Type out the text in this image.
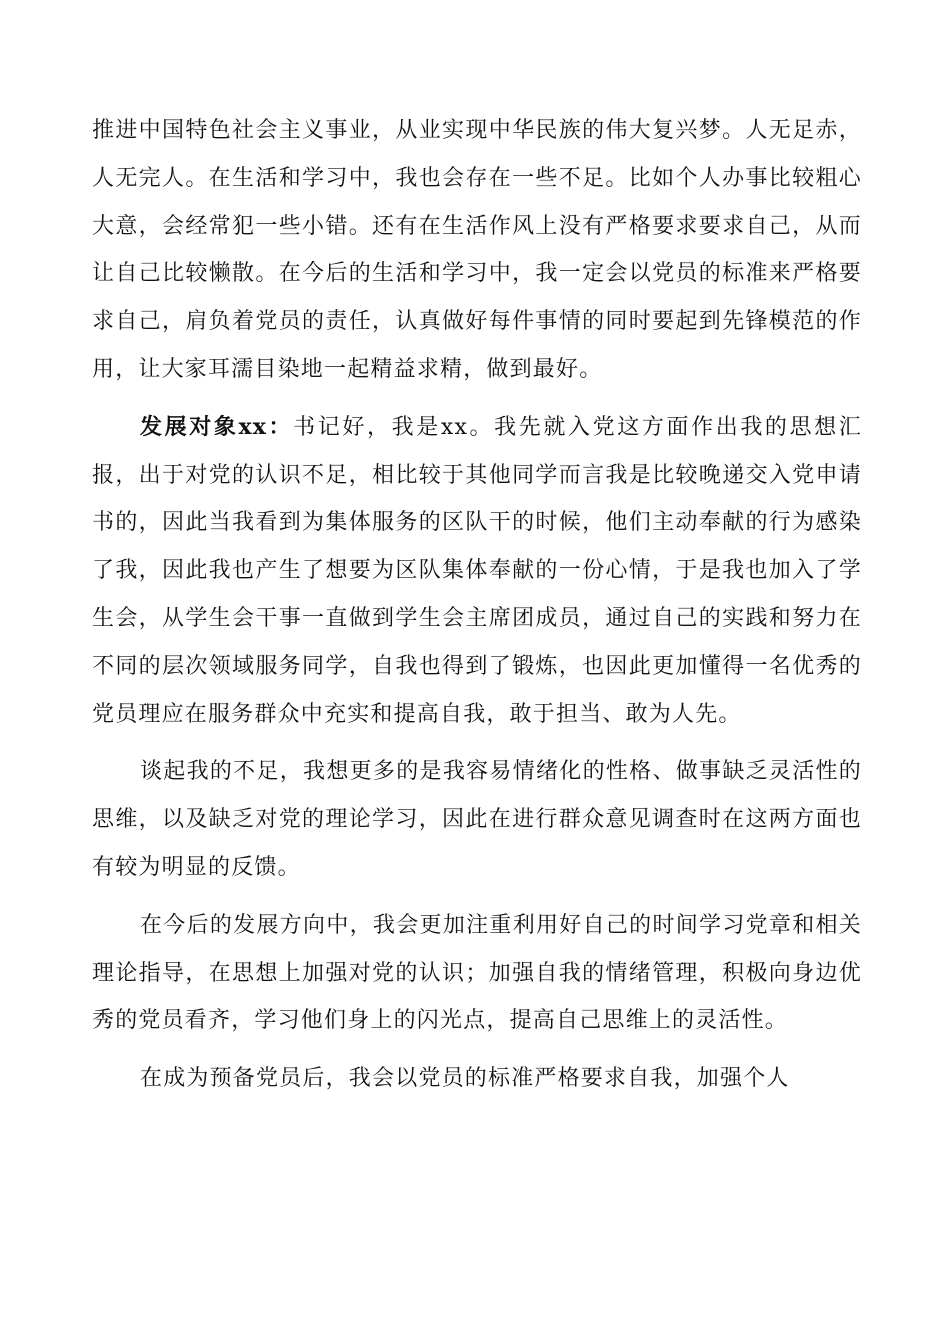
推进中国特色社会主义事业，从业实现中华民族的伟大复兴梦。人无足赤，人无完人。在生活和学习中，我也会存在一些不足。比如个人办事比较粗心大意，会经常犯一些小错。还有在生活作风上没有严格要求要求自己，从而让自己比较懒散。在今后的生活和学习中，我一定会以党员的标准来严格要求自己，肩负着党员的责任，认真做好每件事情的同时要起到先锋模范的作用，让大家耳濡目染地一起精益求精，做到最好。

发展对象xx：书记好，我是xx。我先就入党这方面作出我的思想汇报，出于对党的认识不足，相比较于其他同学而言我是比较晚递交入党申请书的，因此当我看到为集体服务的区队干的时候，他们主动奉献的行为感染了我，因此我也产生了想要为区队集体奉献的一份心情，于是我也加入了学生会，从学生会干事一直做到学生会主席团成员，通过自己的实践和努力在不同的层次领域服务同学，自我也得到了锻炼，也因此更加懂得一名优秀的党员理应在服务群众中充实和提高自我，敢于担当、敢为人先。

谈起我的不足，我想更多的是我容易情绪化的性格、做事缺乏灵活性的思维，以及缺乏对党的理论学习，因此在进行群众意见调查时在这两方面也有较为明显的反馈。

在今后的发展方向中，我会更加注重利用好自己的时间学习党章和相关理论指导，在思想上加强对党的认识；加强自我的情绪管理，积极向身边优秀的党员看齐，学习他们身上的闪光点，提高自己思维上的灵活性。

在成为预备党员后，我会以党员的标准严格要求自我，加强个人
